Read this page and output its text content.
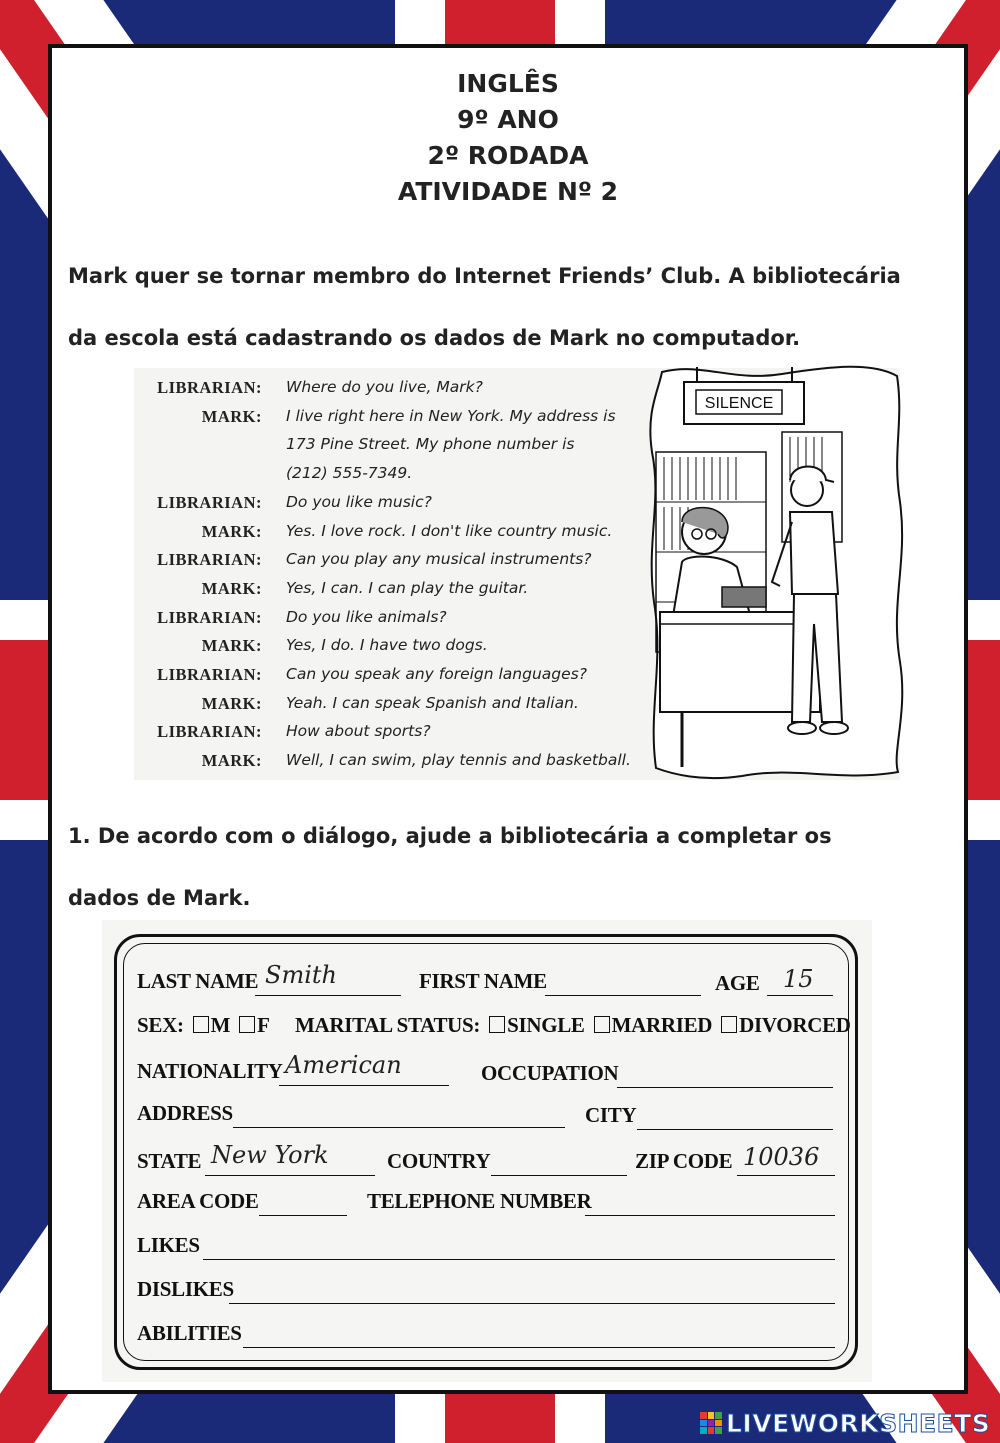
INGLÊS
9º ANO
2º RODADA
ATIVIDADE Nº 2
Mark quer se tornar membro do Internet Friends’ Club. A bibliotecária
da escola está cadastrando os dados de Mark no computador.
LIBRARIAN: Where do you live, Mark?
MARK: I live right here in New York. My address is
173 Pine Street. My phone number is
(212) 555-7349.
LIBRARIAN: Do you like music?
MARK: Yes. I love rock. I don't like country music.
LIBRARIAN: Can you play any musical instruments?
MARK: Yes, I can. I can play the guitar.
LIBRARIAN: Do you like animals?
MARK: Yes, I do. I have two dogs.
LIBRARIAN: Can you speak any foreign languages?
MARK: Yeah. I can speak Spanish and Italian.
LIBRARIAN: How about sports?
MARK: Well, I can swim, play tennis and basketball.
SILENCE
1. De acordo com o diálogo, ajude a bibliotecária a completar os
dados de Mark.
LAST NAME Smith	FIRST NAME	AGE 15
SEX: M F MARITAL STATUS: SINGLE MARRIED DIVORCED
NATIONALITY American	OCCUPATION
ADDRESS	CITY
STATE New York	COUNTRY	ZIP CODE 10036
AREA CODE	TELEPHONE NUMBER
LIKES
DISLIKES
ABILITIES
LIVEWORKSHEETS
